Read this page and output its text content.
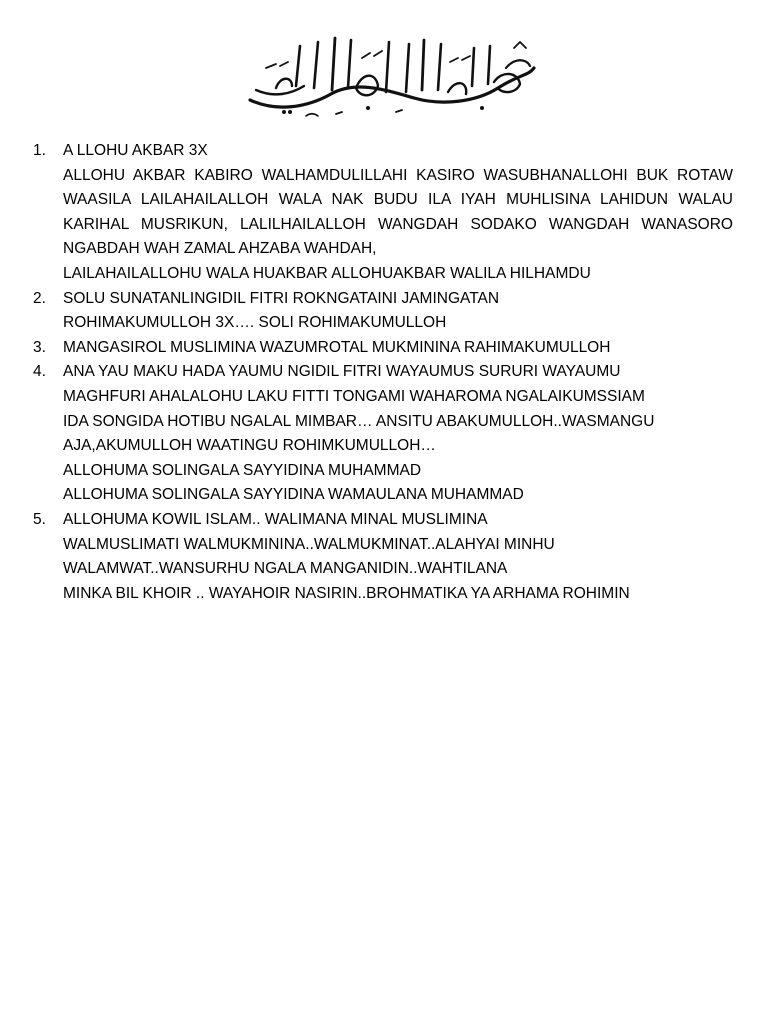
1.	A LLOHU AKBAR 3X
ALLOHU AKBAR KABIRO WALHAMDULILLAHI KASIRO WASUBHANALLOHI BUK ROTAW WAASILA LAILAHAILALLOH WALA NAK BUDU ILA IYAH MUHLISINA LAHIDUN WALAU KARIHAL MUSRIKUN, LALILHAILALLOH WANGDAH SODAKO WANGDAH WANASORO NGABDAH WAH ZAMAL AHZABA WAHDAH,
LAILAHAILALLOHU WALA HUAKBAR ALLOHUAKBAR WALILA HILHAMDU
2.	SOLU SUNATANLINGIDIL FITRI ROKNGATAINI JAMINGATAN
ROHIMAKUMULLOH 3X…. SOLI ROHIMAKUMULLOH
3.	MANGASIROL MUSLIMINA WAZUMROTAL MUKMININA RAHIMAKUMULLOH
4.	ANA YAU MAKU HADA YAUMU NGIDIL FITRI WAYAUMUS SURURI WAYAUMU
MAGHFURI AHALALOHU LAKU FITTI TONGAMI WAHAROMA NGALAIKUMSSIAM
IDA SONGIDA HOTIBU NGALAL MIMBAR… ANSITU ABAKUMULLOH..WASMANGU
AJA,AKUMULLOH WAATINGU ROHIMKUMULLOH…
ALLOHUMA SOLINGALA SAYYIDINA MUHAMMAD
ALLOHUMA SOLINGALA SAYYIDINA WAMAULANA MUHAMMAD
5.	ALLOHUMA KOWIL ISLAM.. WALIMANA MINAL MUSLIMINA
WALMUSLIMATI WALMUKMININA..WALMUKMINAT..ALAHYAI MINHU
WALAMWAT..WANSURHU NGALA MANGANIDIN..WAHTILANA
MINKA BIL KHOIR .. WAYAHOIR NASIRIN..BROHMATIKA YA ARHAMA ROHIMIN
